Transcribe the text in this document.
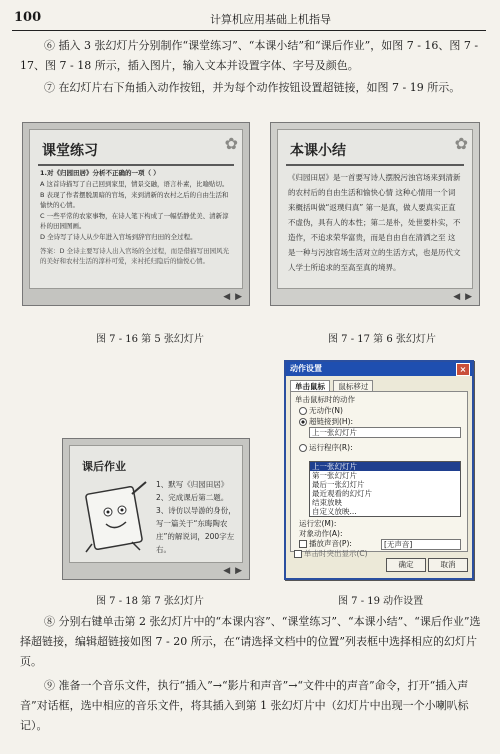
100	计算机应用基础上机指导
⑥ 插入 3 张幻灯片分别制作“课堂练习”、“本课小结”和“课后作业”，如图 7 - 16、图 7 - 17、图 7 - 18 所示，插入图片，输入文本并设置字体、字号及颜色。
⑦ 在幻灯片右下角插入动作按钮，并为每个动作按钮设置超链接，如图 7 - 19 所示。
✿
课堂练习

1.对《归园田居》分析不正确的一项（ ）

A 这首诗描写了自己回到家里，情景交融，语言朴素，比喻贴切。

B 表现了作者摆脱黑暗的官场，来到清新的农村之后的自由生活和愉快的心情。

C 一些平常的农家事物，在诗人笔下构成了一幅恬静优美、清新淳朴的田园图画。

D 全诗写了诗人从少年进入官场到辞官归田的全过程。

答案：D 全诗主要写诗人出入官场的全过程，而是借描写田园风光的美好和农村生活的淳朴可爱，来衬托归隐后的愉悦心情。

◀ ▶
✿
本课小结
《归园田居》是一首要写诗人摆脱污浊官场来到清新的农村后的自由生活和愉快心情 这种心情用一个词来概括叫做“返璞归真” 第一是真，做人要真实正直不虚伪，具有人的本性；第二是朴，处世要朴实，不造作，不追求荣华富贵，而是自由自在清洒之至 这是一种与污浊官场生活对立的生活方式，也是历代文人学士所追求的至高至真的境界。
◀ ▶
图 7 - 16 第 5 张幻灯片	图 7 - 17 第 6 张幻灯片
课后作业

1、默写《归园田居》

2、完成课后第二题。

3、诗仿以导游的身份，写一篇关于“东晦陶农庄”的解说词，200字左右。

◀ ▶
动作设置	×
单击鼠标 鼠标移过
单击鼠标时的动作
无动作(N)
超链接到(H):
上一张幻灯片
运行程序(R):
上一张幻灯片
第一张幻灯片
最后一张幻灯片
最近观看的幻灯片
结束放映
自定义放映...
运行宏(M):
对象动作(A):
播放声音(P):	[无声音]
单击时突出显示(C)
确定	取消
图 7 - 18 第 7 张幻灯片	图 7 - 19 动作设置
⑧ 分别右键单击第 2 张幻灯片中的“本课内容”、“课堂练习”、“本课小结”、“课后作业”选择超链接，编辑超链接如图 7 - 20 所示，在“请选择文档中的位置”列表框中选择相应的幻灯片页。
⑨ 准备一个音乐文件，执行“插入”→“影片和声音”→“文件中的声音”命令，打开“插入声音”对话框，选中相应的音乐文件，将其插入到第 1 张幻灯片中（幻灯片中出现一个小喇叭标记）。
